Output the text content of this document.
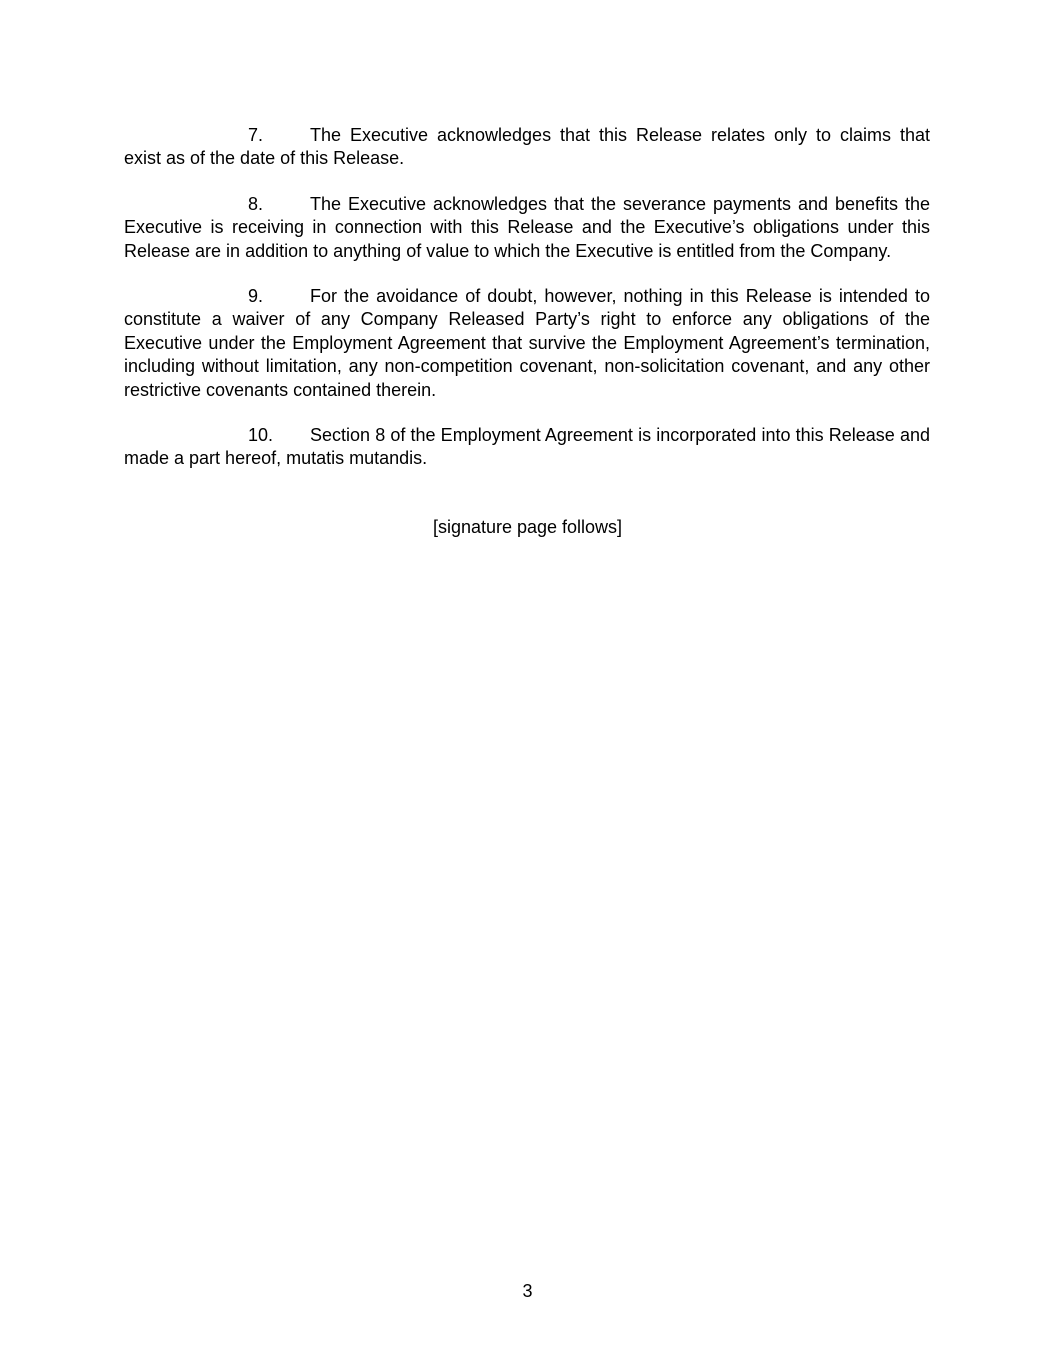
7.	The Executive acknowledges that this Release relates only to claims that exist as of the date of this Release.

8.	The Executive acknowledges that the severance payments and benefits the Executive is receiving in connection with this Release and the Executive’s obligations under this Release are in addition to anything of value to which the Executive is entitled from the Company.

9.	For the avoidance of doubt, however, nothing in this Release is intended to constitute a waiver of any Company Released Party’s right to enforce any obligations of the Executive under the Employment Agreement that survive the Employment Agreement’s termination, including without limitation, any non-competition covenant, non-solicitation covenant, and any other restrictive covenants contained therein.

10. Section 8 of the Employment Agreement is incorporated into this Release and made a part hereof, mutatis mutandis.

[signature page follows]
3
